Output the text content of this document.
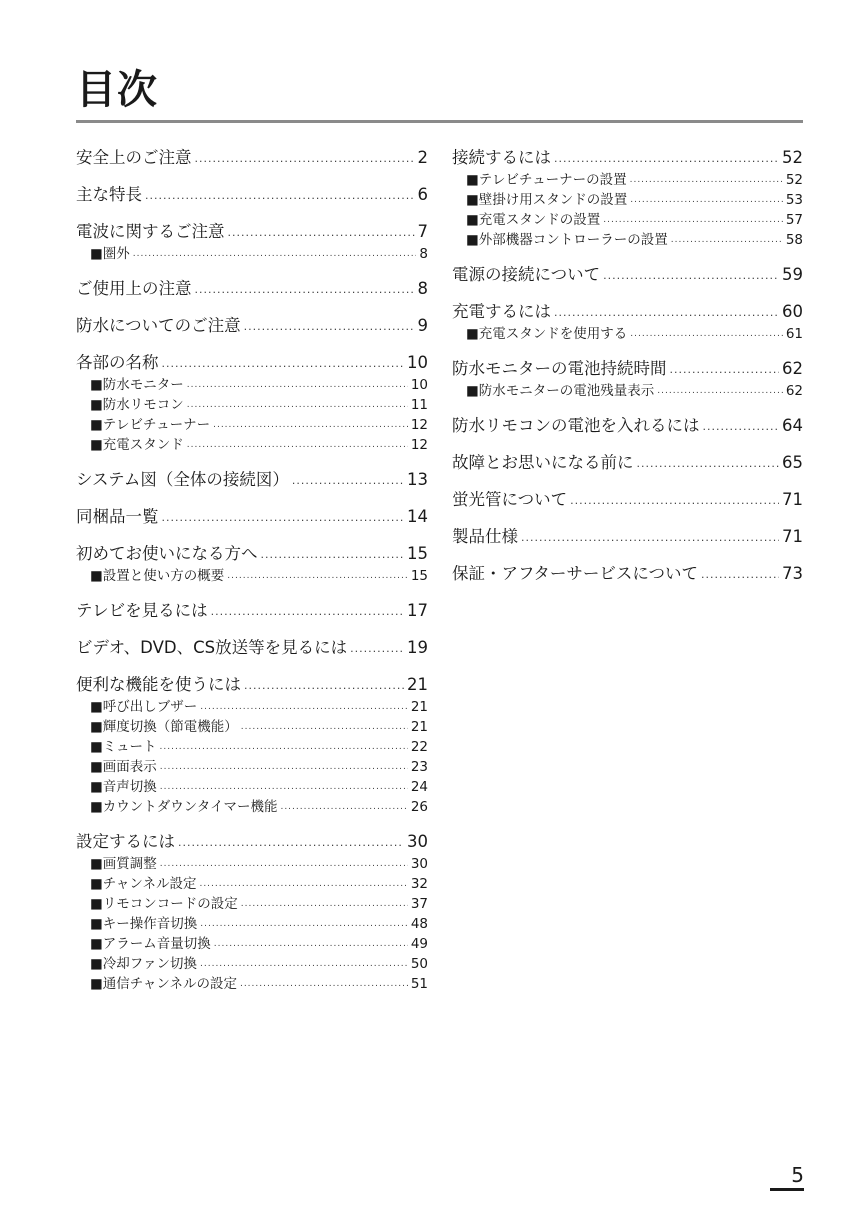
目次
安全上のご注意 .....	2
主な特長 .....	6
電波に関するご注意 .....	7
■圏外 .....	8
ご使用上の注意 .....	8
防水についてのご注意 .....	9
各部の名称 .....	10
■防水モニター .....	10
■防水リモコン .....	11
■テレビチューナー .....	12
■充電スタンド .....	12
システム図（全体の接続図） .....	13
同梱品一覧 .....	14
初めてお使いになる方へ .....	15
■設置と使い方の概要 .....	15
テレビを見るには .....	17
ビデオ、DVD、CS放送等を見るには .....	19
便利な機能を使うには .....	21
■呼び出しブザー .....	21
■輝度切換（節電機能） .....	21
■ミュート .....	22
■画面表示 .....	23
■音声切換 .....	24
■カウントダウンタイマー機能 .....	26
設定するには .....	30
■画質調整 .....	30
■チャンネル設定 .....	32
■リモコンコードの設定 .....	37
■キー操作音切換 .....	48
■アラーム音量切換 .....	49
■冷却ファン切換 .....	50
■通信チャンネルの設定 .....	51
接続するには .....	52
■テレビチューナーの設置 .....	52
■壁掛け用スタンドの設置 .....	53
■充電スタンドの設置 .....	57
■外部機器コントローラーの設置 .....	58
電源の接続について .....	59
充電するには .....	60
■充電スタンドを使用する .....	61
防水モニターの電池持続時間 .....	62
■防水モニターの電池残量表示 .....	62
防水リモコンの電池を入れるには .....	64
故障とお思いになる前に .....	65
蛍光管について .....	71
製品仕様 .....	71
保証・アフターサービスについて .....	73
5
